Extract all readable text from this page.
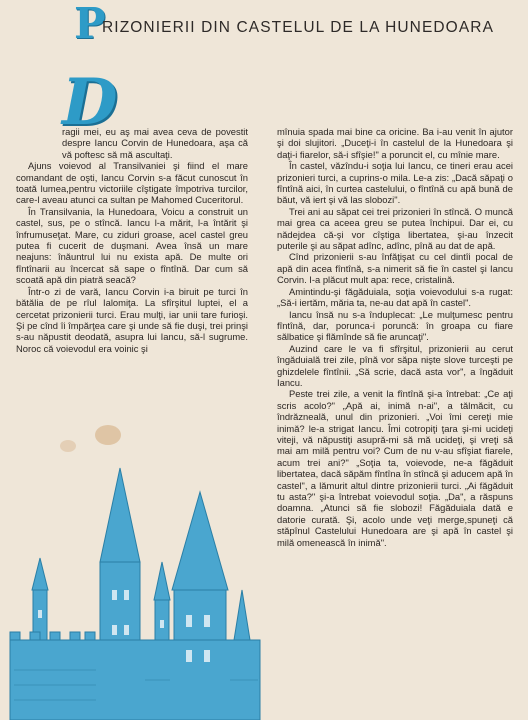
P
RIZONIERII DIN CASTELUL DE LA HUNEDOARA
D

ragii mei, eu aş mai avea ceva de povestit despre Iancu Corvin de Hunedoara, aşa că vă poftesc să mă ascultaţi.

Ajuns voievod al Transilvaniei şi fiind el mare comandant de oşti, Iancu Corvin s-a făcut cunoscut în toată lumea,pentru victoriile cîştigate împotriva turcilor, care-l aveau atunci ca sultan pe Mahomed Cuceritorul.

În Transilvania, la Hunedoara, Voicu a construit un castel, sus, pe o stîncă. Iancu l-a mărit, l-a întărit şi înfrumuseţat. Mare, cu ziduri groase, acel castel greu putea fi cucerit de duşmani. Avea însă un mare neajuns: înăuntrul lui nu exista apă. De multe ori fîntînarii au încercat să sape o fîntînă. Dar cum să scoată apă din piatră seacă?

Într-o zi de vară, Iancu Corvin i-a biruit pe turci în bătălia de pe rîul Ialomiţa. La sfîrşitul luptei, el a cercetat prizonierii turci. Erau mulţi, iar unii tare furioşi. Şi pe cînd îi împărţea care şi unde să fie duşi, trei prinşi s-au năpustit deodată, asupra lui Iancu, să-l sugrume. Noroc că voievodul era voinic şi

mînuia spada mai bine ca oricine. Ba i-au venit în ajutor şi doi slujitori. „Duceţi-i în castelul de la Hunedoara şi daţi-i fiarelor, să-i sfîşie!" a poruncit el, cu mînie mare.

În castel, văzîndu-i soţia lui Iancu, ce tineri erau acei prizonieri turci, a cuprins-o mila. Le-a zis: „Dacă săpaţi o fîntînă aici, în curtea castelului, o fîntînă cu apă bună de băut, vă iert şi vă las slobozi".

Trei ani au săpat cei trei prizonieri în stîncă. O muncă mai grea ca aceea greu se putea închipui. Dar ei, cu nădejdea că-şi vor cîştiga libertatea, şi-au înzecit puterile şi au săpat adînc, adînc, pînă au dat de apă.

Cînd prizonierii s-au înfăţişat cu cel dintîi pocal de apă din acea fîntînă, s-a nimerit să fie în castel şi Iancu Corvin. I-a plăcut mult apa: rece, cristalină.

Amintindu-şi făgăduiala, soţia voievodului s-a rugat: „Să-i iertăm, măria ta, ne-au dat apă în castel".

Iancu însă nu s-a înduplecat: „Le mulţumesc pentru fîntînă, dar, porunca-i poruncă: în groapa cu fiare sălbatice şi flămînde să fie aruncaţi".

Auzind care le va fi sfîrşitul, prizonierii au cerut îngăduială trei zile, pînă vor săpa nişte slove turceşti pe ghizdelele fîntînii. „Să scrie, dacă asta vor", a îngăduit Iancu.

Peste trei zile, a venit la fîntînă şi-a întrebat: „Ce aţi scris acolo?" „Apă ai, inimă n-ai", a tălmăcit, cu îndrăzneală, unul din prizonieri. „Voi îmi cereţi mie inimă? le-a strigat Iancu. Îmi cotropiţi ţara şi-mi ucideţi viteji, vă năpustiţi asupră-mi să mă ucideţi, şi vreţi să mai am milă pentru voi? Cum de nu v-au sfîşiat fiarele, acum trei ani?" „Soţia ta, voievode, ne-a făgăduit libertatea, dacă săpăm fîntîna în stîncă şi aducem apă în castel", a lămurit altul dintre prizonierii turci. „Ai făgăduit tu asta?" şi-a întrebat voievodul soţia. „Da", a răspuns doamna. „Atunci să fie slobozi! Făgăduiala dată e datorie curată. Şi, acolo unde veţi merge,spuneţi că stăpînul Castelului Hunedoara are şi apă în castel şi milă omenească în inimă".
